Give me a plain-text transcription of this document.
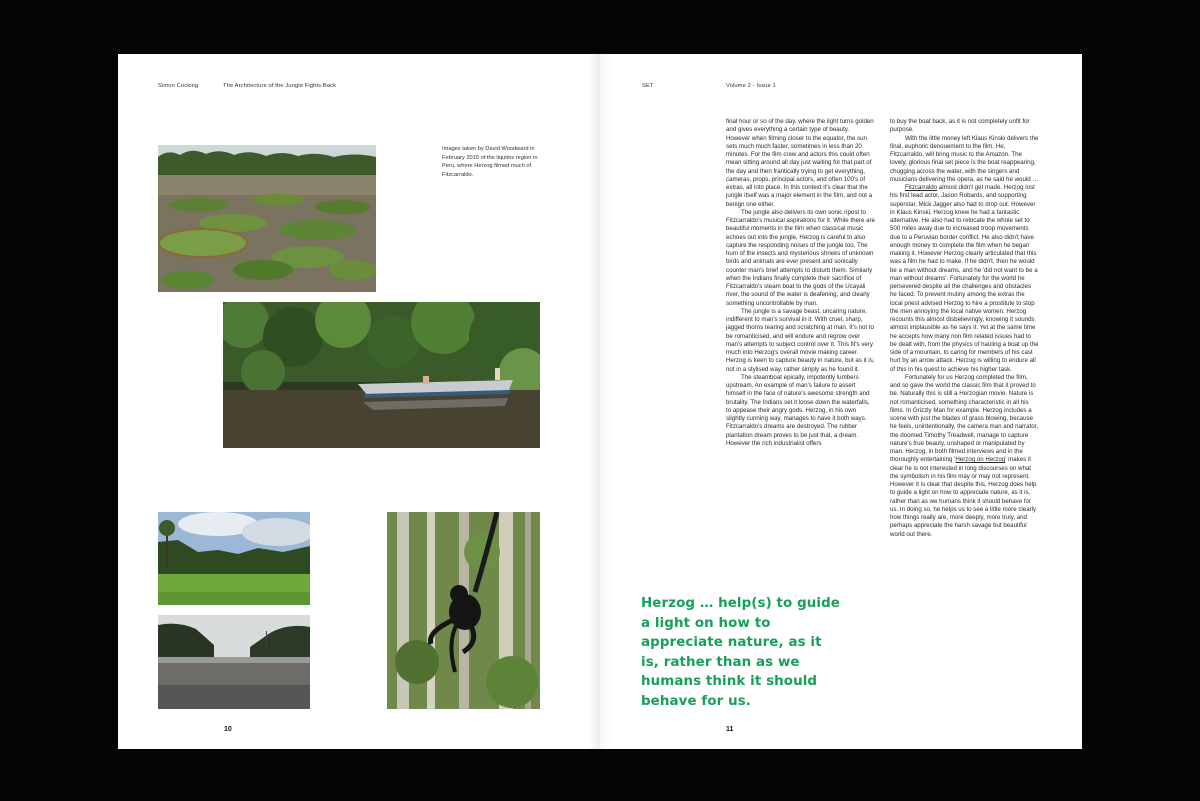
Simon Cocking	The Architecture of the Jungle Fights Back
Images taken by David Woodward in February 2015 of the liquitos region in Peru, where Herzog filmed much of Fitzcarraldo.
10
SET	Volume 2 - Issue 1

final hour or so of the day, where the light turns golden and gives everything a certain type of beauty. However when filming closer to the equator, the sun sets much much faster, sometimes in less than 20 minutes. For the film crew and actors this could often mean sitting around all day just waiting for that part of the day and then frantically trying to get everything, cameras, props, principal actors, and often 100's of extras, all into place. In this context it's clear that the jungle itself was a major element in the film, and not a benign one either.

The jungle also delivers its own sonic ripost to Fitzcarraldo's musical aspirations for it. While there are beautiful moments in the film when classical music echoes out into the jungle, Herzog is careful to also capture the responding noises of the jungle too. The hum of the insects and mysterious shrieks of unknown birds and animals are ever present and sonically counter man's brief attempts to disturb them. Similarly when the Indians finally complete their sacrifice of Fitzcarraldo's steam boat to the gods of the Ucayali river, the sound of the water is deafening, and clearly something uncontrollable by man.

The jungle is a savage beast, uncaring nature, indifferent to man's survival in it. With cruel, sharp, jagged thorns tearing and scratching at man. It's not to be romanticised, and will endure and regrow over man's attempts to subject control over it. This fit's very much into Herzog's overall movie making career. Herzog is keen to capture beauty in nature, but as it is, not in a stylised way, rather simply as he found it.

The steamboat epically, impotently lumbers upstream. An example of man's failure to assert himself in the face of nature's awesome strength and brutality. The Indians set it loose down the waterfalls, to appease their angry gods. Herzog, in his own slightly cunning way, manages to have it both ways. Fitzcarraldo's dreams are destroyed. The rubber plantation dream proves to be just that, a dream. However the rich industrialist offers

to buy the boat back, as it is not completely unfit for purpose.

With the little money left Klaus Kinski delivers the final, euphoric denouement to the film. He, Fitzcarraldo, will bring music to the Amazon. The lovely, glorious final set piece is the boat reappearing, chugging across the water, with the singers and musicians delivering the opera, as he said he would …

Fitzcarraldo almost didn't get made. Herzog lost his first lead actor, Jason Robards, and supporting superstar, Mick Jagger also had to drop out. However in Klaus Kinski, Herzog knew he had a fantastic alternative. He also had to relocate the whole set to 500 miles away due to increased troop movements due to a Peruvian border conflict. He also didn't have enough money to complete the film when he began making it. However Herzog clearly articulated that this was a film he had to make. If he didn't, then he would be a man without dreams, and he 'did not want to be a man without dreams'. Fortunately for the world he persevered despite all the challenges and obstacles he faced. To prevent mutiny among the extras the local priest advised Herzog to hire a prostitute to stop the men annoying the local native women. Herzog recounts this almost disbelievingly, knowing it sounds almost implausible as he says it. Yet at the same time he accepts how many non film related issues had to be dealt with, from the physics of hauling a boat up the side of a mountain, to caring for members of his cast hurt by an arrow attack. Herzog is willing to endure all of this in his quest to achieve his higher task.

Fortunately for us Herzog completed the film, and so gave the world the classic film that it proved to be. Naturally this is still a Herzogian movie. Nature is not romanticised, something characteristic in all his films. In Grizzly Man for example. Herzog includes a scene with just the blades of grass blowing, because he feels, unintentionally, the camera man and narrator, the doomed Timothy Treadwell, manage to capture nature's true beauty, unshaped or manipulated by man. Herzog, in both filmed interviews and in the thoroughly entertaining 'Herzog on Herzog' makes it clear he is not interested in long discourses on what the symbolism in his film may or may not represent. However it is clear that despite this, Herzog does help to guide a light on how to appreciate nature, as it is, rather than as we humans think it should behave for us. In doing so, he helps us to see a little more clearly how things really are, more deeply, more truly, and perhaps appreciate the harsh savage but beautiful world out there.

Herzog … help(s) to guide a light on how to appreciate nature, as it is, rather than as we humans think it should behave for us.
11
